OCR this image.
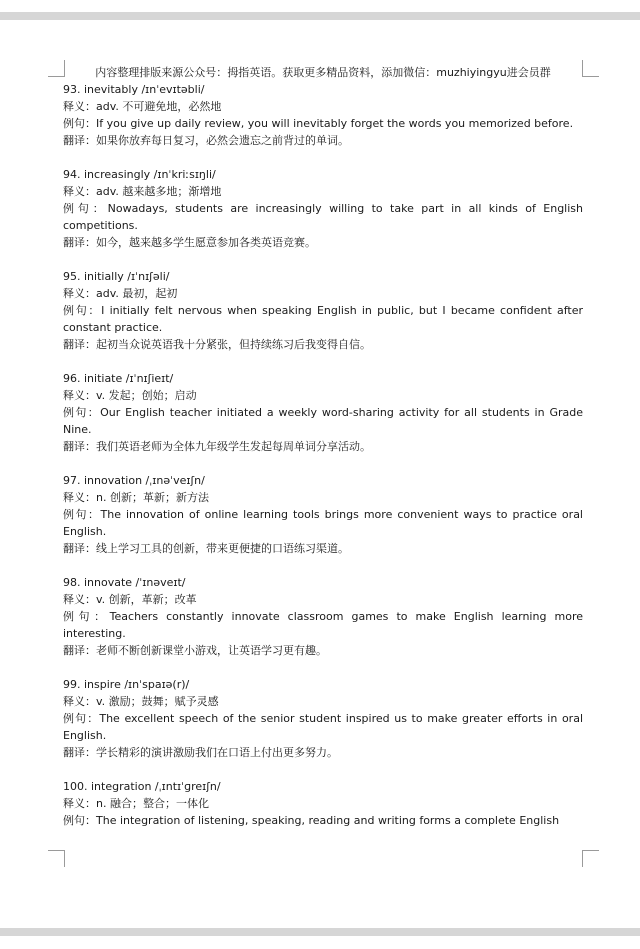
内容整理排版来源公众号：拇指英语。获取更多精品资料，添加微信：muzhiyingyu进会员群
93. inevitably /ɪnˈevɪtəbli/
释义：adv. 不可避免地，必然地
例句：If you give up daily review, you will inevitably forget the words you memorized before.
翻译：如果你放弃每日复习，必然会遗忘之前背过的单词。
94. increasingly /ɪnˈkriːsɪŋli/
释义：adv. 越来越多地；渐增地
例句：Nowadays, students are increasingly willing to take part in all kinds of English competitions.
翻译：如今，越来越多学生愿意参加各类英语竞赛。
95. initially /ɪˈnɪʃəli/
释义：adv. 最初，起初
例句：I initially felt nervous when speaking English in public, but I became confident after constant practice.
翻译：起初当众说英语我十分紧张，但持续练习后我变得自信。
96. initiate /ɪˈnɪʃieɪt/
释义：v. 发起；创始；启动
例句：Our English teacher initiated a weekly word-sharing activity for all students in Grade Nine.
翻译：我们英语老师为全体九年级学生发起每周单词分享活动。
97. innovation /ˌɪnəˈveɪʃn/
释义：n. 创新；革新；新方法
例句：The innovation of online learning tools brings more convenient ways to practice oral English.
翻译：线上学习工具的创新，带来更便捷的口语练习渠道。
98. innovate /ˈɪnəveɪt/
释义：v. 创新，革新；改革
例句：Teachers constantly innovate classroom games to make English learning more interesting.
翻译：老师不断创新课堂小游戏，让英语学习更有趣。
99. inspire /ɪnˈspaɪə(r)/
释义：v. 激励；鼓舞；赋予灵感
例句：The excellent speech of the senior student inspired us to make greater efforts in oral English.
翻译：学长精彩的演讲激励我们在口语上付出更多努力。
100. integration /ˌɪntɪˈɡreɪʃn/
释义：n. 融合；整合；一体化
例句：The integration of listening, speaking, reading and writing forms a complete English
